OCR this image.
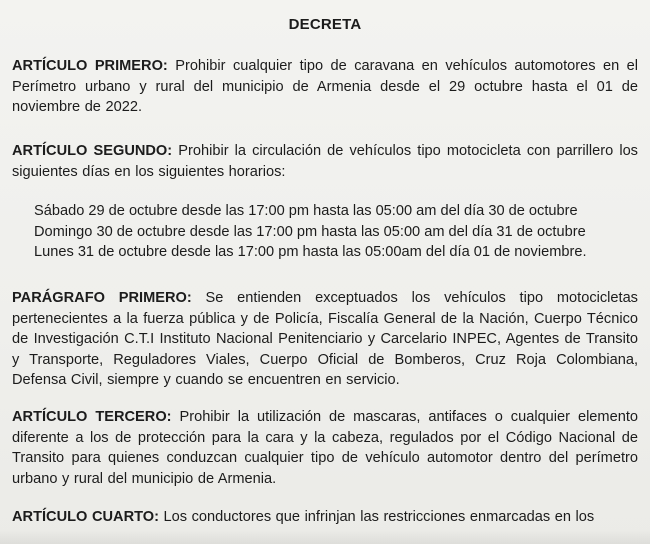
DECRETA
ARTÍCULO PRIMERO: Prohibir cualquier tipo de caravana en vehículos automotores en el Perímetro urbano y rural del municipio de Armenia desde el 29 octubre hasta el 01 de noviembre de 2022.
ARTÍCULO SEGUNDO: Prohibir la circulación de vehículos tipo motocicleta con parrillero los siguientes días en los siguientes horarios:
Sábado 29 de octubre desde las 17:00 pm hasta las 05:00 am del día 30 de octubre
Domingo 30 de octubre desde las 17:00 pm hasta las 05:00 am del día 31 de octubre
Lunes 31 de octubre desde las 17:00 pm hasta las 05:00am del día 01 de noviembre.
PARÁGRAFO PRIMERO: Se entienden exceptuados los vehículos tipo motocicletas pertenecientes a la fuerza pública y de Policía, Fiscalía General de la Nación, Cuerpo Técnico de Investigación C.T.I Instituto Nacional Penitenciario y Carcelario INPEC, Agentes de Transito y Transporte, Reguladores Viales, Cuerpo Oficial de Bomberos, Cruz Roja Colombiana, Defensa Civil, siempre y cuando se encuentren en servicio.
ARTÍCULO TERCERO: Prohibir la utilización de mascaras, antifaces o cualquier elemento diferente a los de protección para la cara y la cabeza, regulados por el Código Nacional de Transito para quienes conduzcan cualquier tipo de vehículo automotor dentro del perímetro urbano y rural del municipio de Armenia.
ARTÍCULO CUARTO: Los conductores que infrinjan las restricciones enmarcadas en los
